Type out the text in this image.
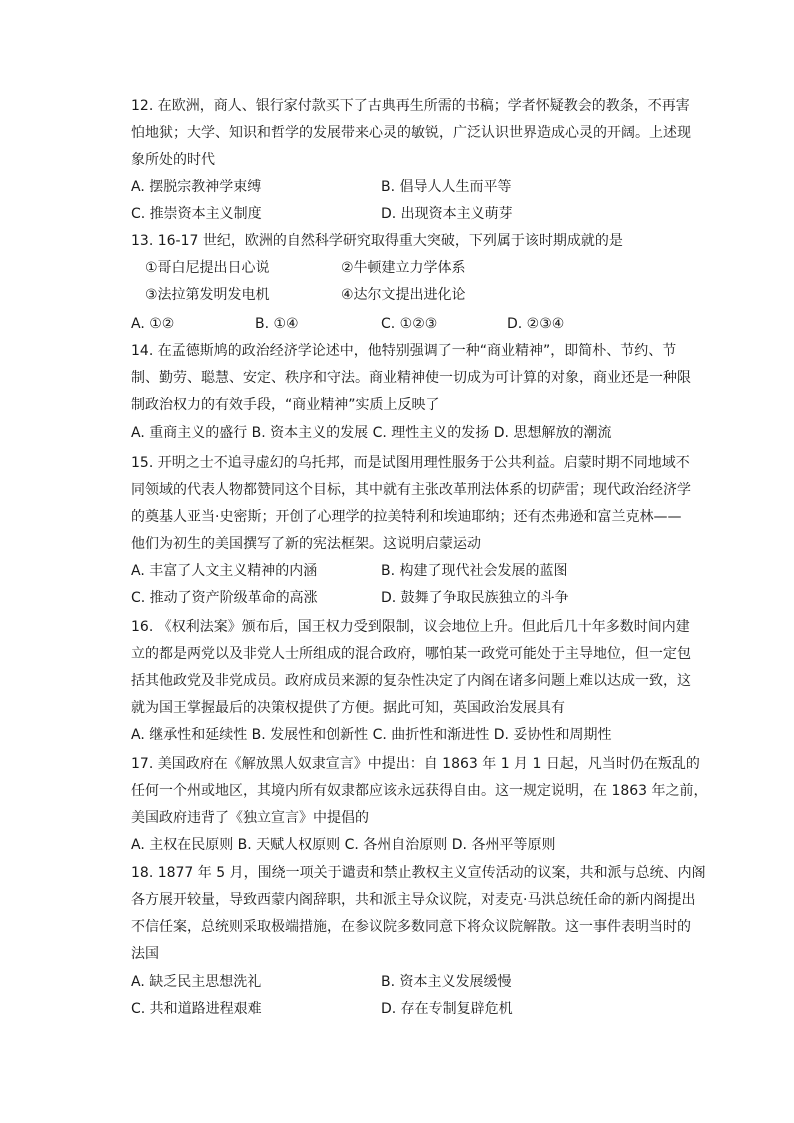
12. 在欧洲，商人、银行家付款买下了古典再生所需的书稿；学者怀疑教会的教条，不再害
怕地狱；大学、知识和哲学的发展带来心灵的敏锐，广泛认识世界造成心灵的开阔。上述现
象所处的时代
A. 摆脱宗教神学束缚	B. 倡导人人生而平等
C. 推崇资本主义制度	D. 出现资本主义萌芽
13. 16-17 世纪，欧洲的自然科学研究取得重大突破，下列属于该时期成就的是
①哥白尼提出日心说	②牛顿建立力学体系
③法拉第发明发电机	④达尔文提出进化论
A. ①②	B. ①④	C. ①②③	D. ②③④
14. 在孟德斯鸠的政治经济学论述中，他特别强调了一种“商业精神”，即简朴、节约、节
制、勤劳、聪慧、安定、秩序和守法。商业精神使一切成为可计算的对象，商业还是一种限
制政治权力的有效手段，“商业精神”实质上反映了
A. 重商主义的盛行 B. 资本主义的发展 C. 理性主义的发扬 D. 思想解放的潮流
15. 开明之士不追寻虚幻的乌托邦，而是试图用理性服务于公共利益。启蒙时期不同地域不
同领域的代表人物都赞同这个目标，其中就有主张改革刑法体系的切萨雷；现代政治经济学
的奠基人亚当·史密斯；开创了心理学的拉美特利和埃迪耶纳；还有杰弗逊和富兰克林——
他们为初生的美国撰写了新的宪法框架。这说明启蒙运动
A. 丰富了人文主义精神的内涵	B. 构建了现代社会发展的蓝图
C. 推动了资产阶级革命的高涨	D. 鼓舞了争取民族独立的斗争
16. 《权利法案》颁布后，国王权力受到限制，议会地位上升。但此后几十年多数时间内建
立的都是两党以及非党人士所组成的混合政府，哪怕某一政党可能处于主导地位，但一定包
括其他政党及非党成员。政府成员来源的复杂性决定了内阁在诸多问题上难以达成一致，这
就为国王掌握最后的决策权提供了方便。据此可知，英国政治发展具有
A. 继承性和延续性 B. 发展性和创新性 C. 曲折性和渐进性 D. 妥协性和周期性
17. 美国政府在《解放黑人奴隶宣言》中提出：自 1863 年 1 月 1 日起，凡当时仍在叛乱的
任何一个州或地区，其境内所有奴隶都应该永远获得自由。这一规定说明，在 1863 年之前，
美国政府违背了《独立宣言》中提倡的
A. 主权在民原则 B. 天赋人权原则 C. 各州自治原则 D. 各州平等原则
18. 1877 年 5 月，围绕一项关于谴责和禁止教权主义宣传活动的议案，共和派与总统、内阁
各方展开较量，导致西蒙内阁辞职，共和派主导众议院，对麦克·马洪总统任命的新内阁提出
不信任案，总统则采取极端措施，在参议院多数同意下将众议院解散。这一事件表明当时的
法国
A. 缺乏民主思想洗礼	B. 资本主义发展缓慢
C. 共和道路进程艰难	D. 存在专制复辟危机
